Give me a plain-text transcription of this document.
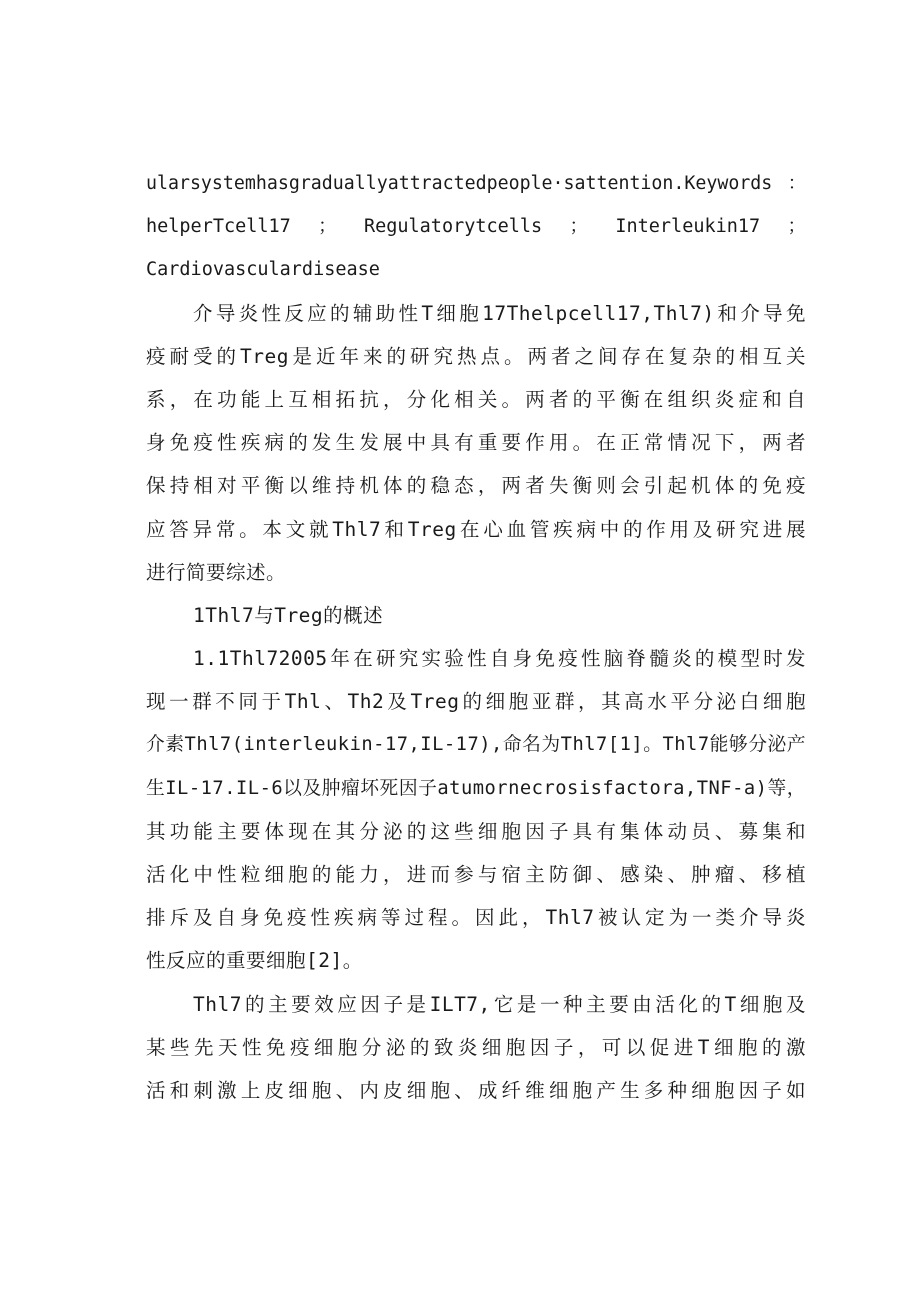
ularsystemhasgraduallyattractedpeople·sattention.Keywords ：

helperTcell17 ； Regulatorytcells ； Interleukin17 ；

Cardiovasculardisease

介导炎性反应的辅助性T细胞17Thelpcell17,Thl7)和介导免

疫耐受的Treg是近年来的研究热点。两者之间存在复杂的相互关

系，在功能上互相拓抗，分化相关。两者的平衡在组织炎症和自

身免疫性疾病的发生发展中具有重要作用。在正常情况下，两者

保持相对平衡以维持机体的稳态，两者失衡则会引起机体的免疫

应答异常。本文就Thl7和Treg在心血管疾病中的作用及研究进展

进行简要综述。

1Thl7与Treg的概述

1.1Thl72005年在研究实验性自身免疫性脑脊髓炎的模型时发

现一群不同于Thl、Th2及Treg的细胞亚群，其高水平分泌白细胞

介素Thl7(interleukin-17,IL-17),命名为Thl7[1]。Thl7能够分泌产

生IL-17.IL-6以及肿瘤坏死因子atumornecrosisfactora,TNF-a)等，

其功能主要体现在其分泌的这些细胞因子具有集体动员、募集和

活化中性粒细胞的能力，进而参与宿主防御、感染、肿瘤、移植

排斥及自身免疫性疾病等过程。因此，Thl7被认定为一类介导炎

性反应的重要细胞[2]。

Thl7的主要效应因子是ILT7,它是一种主要由活化的T细胞及

某些先天性免疫细胞分泌的致炎细胞因子，可以促进T细胞的激

活和刺激上皮细胞、内皮细胞、成纤维细胞产生多种细胞因子如
